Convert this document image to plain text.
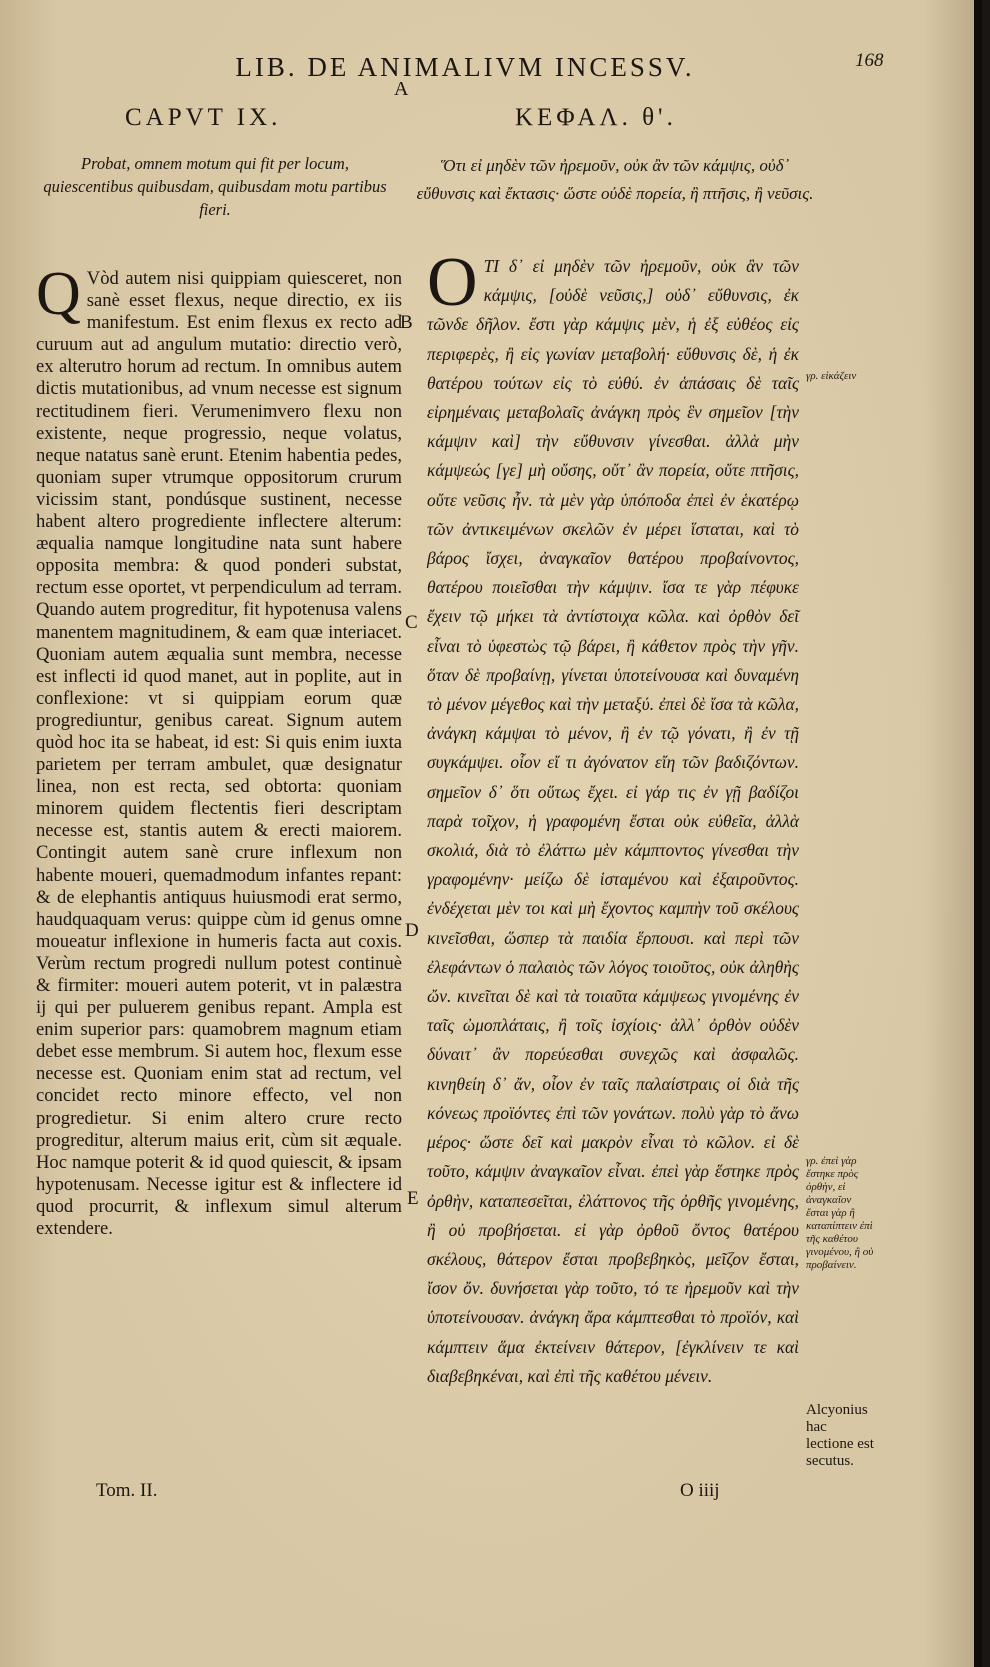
LIB. DE ANIMALIVM INCESSV.	168
A
CAPVT IX.	ΚΕΦΑΛ. θ'.
Probat, omnem motum qui fit per locum, quiescentibus quibusdam, quibusdam motu partibus fieri.
Ὅτι εἰ μηδὲν τῶν ἠρεμοῦν, οὐκ ἂν τῶν κάμψις, οὐδ᾽ εὔθυνσις καὶ ἔκτασις· ὥστε οὐδὲ πορεία, ἢ πτῆσις, ἢ νεῦσις.
Q Vòd autem nisi quippiam quiesceret, non sanè esset flexus, neque directio, ex iis manifestum. Est enim flexus ex recto ad curuum aut ad angulum mutatio: directio verò, ex alterutro horum ad rectum. In omnibus autem dictis mutationibus, ad vnum necesse est signum rectitudinem fieri. Verumenimvero flexu non existente, neque progressio, neque volatus, neque natatus sanè erunt. Etenim habentia pedes, quoniam super vtrumque oppositorum crurum vicissim stant, pondúsque sustinent, necesse habent altero progrediente inflectere alterum: æqualia namque longitudine nata sunt habere opposita membra: & quod ponderi substat, rectum esse oportet, vt perpendiculum ad terram. Quando autem progreditur, fit hypotenusa valens manentem magnitudinem, & eam quæ interiacet. Quoniam autem æqualia sunt membra, necesse est inflecti id quod manet, aut in poplite, aut in conflexione: vt si quippiam eorum quæ progrediuntur, genibus careat. Signum autem quòd hoc ita se habeat, id est: Si quis enim iuxta parietem per terram ambulet, quæ designatur linea, non est recta, sed obtorta: quoniam minorem quidem flectentis fieri descriptam necesse est, stantis autem & erecti maiorem. Contingit autem sanè crure inflexum non habente moueri, quemadmodum infantes repant: & de elephantis antiquus huiusmodi erat sermo, haudquaquam verus: quippe cùm id genus omne moueatur inflexione in humeris facta aut coxis. Verùm rectum progredi nullum potest continuè & firmiter: moueri autem poterit, vt in palæstra ij qui per puluerem genibus repant. Ampla est enim superior pars: quamobrem magnum etiam debet esse membrum. Si autem hoc, flexum esse necesse est. Quoniam enim stat ad rectum, vel concidet recto minore effecto, vel non progredietur. Si enim altero crure recto progreditur, alterum maius erit, cùm sit æquale. Hoc namque poterit & id quod quiescit, & ipsam hypotenusam. Necesse igitur est & inflectere id quod procurrit, & inflexum simul alterum extendere.
Ο ΤΙ δ᾽ εἰ μηδὲν τῶν ἠρεμοῦν, οὐκ ἂν τῶν κάμψις, [οὐδὲ νεῦσις,] οὐδ᾽ εὔθυνσις, ἐκ τῶνδε δῆλον. ἔστι γὰρ κάμψις μὲν, ἡ ἐξ εὐθέος εἰς περιφερὲς, ἢ εἰς γωνίαν μεταβολή· εὔθυνσις δὲ, ἡ ἐκ θατέρου τούτων εἰς τὸ εὐθύ. ἐν ἁπάσαις δὲ ταῖς εἰρημέναις μεταβολαῖς ἀνάγκη πρὸς ἓν σημεῖον [τὴν κάμψιν καὶ] τὴν εὔθυνσιν γίνεσθαι. ἀλλὰ μὴν κάμψεώς [γε] μὴ οὔσης, οὔτ᾽ ἂν πορεία, οὔτε πτῆσις, οὔτε νεῦσις ἦν. τὰ μὲν γὰρ ὑπόποδα ἐπεὶ ἐν ἑκατέρῳ τῶν ἀντικειμένων σκελῶν ἐν μέρει ἵσταται, καὶ τὸ βάρος ἴσχει, ἀναγκαῖον θατέρου προβαίνοντος, θατέρου ποιεῖσθαι τὴν κάμψιν. ἴσα τε γὰρ πέφυκε ἔχειν τῷ μήκει τὰ ἀντίστοιχα κῶλα. καὶ ὀρθὸν δεῖ εἶναι τὸ ὑφεστὼς τῷ βάρει, ἢ κάθετον πρὸς τὴν γῆν. ὅταν δὲ προβαίνῃ, γίνεται ὑποτείνουσα καὶ δυναμένη τὸ μένον μέγεθος καὶ τὴν μεταξύ. ἐπεὶ δὲ ἴσα τὰ κῶλα, ἀνάγκη κάμψαι τὸ μένον, ἢ ἐν τῷ γόνατι, ἢ ἐν τῇ συγκάμψει. οἷον εἴ τι ἀγόνατον εἴη τῶν βαδιζόντων. σημεῖον δ᾽ ὅτι οὕτως ἔχει. εἰ γάρ τις ἐν γῇ βαδίζοι παρὰ τοῖχον, ἡ γραφομένη ἔσται οὐκ εὐθεῖα, ἀλλὰ σκολιά, διὰ τὸ ἐλάττω μὲν κάμπτοντος γίνεσθαι τὴν γραφομένην· μείζω δὲ ἱσταμένου καὶ ἐξαιροῦντος. ἐνδέχεται μὲν τοι καὶ μὴ ἔχοντος καμπὴν τοῦ σκέλους κινεῖσθαι, ὥσπερ τὰ παιδία ἕρπουσι. καὶ περὶ τῶν ἐλεφάντων ὁ παλαιὸς τῶν λόγος τοιοῦτος, οὐκ ἀληθὴς ὤν. κινεῖται δὲ καὶ τὰ τοιαῦτα κάμψεως γινομένης ἐν ταῖς ὠμοπλάταις, ἢ τοῖς ἰσχίοις· ἀλλ᾽ ὀρθὸν οὐδὲν δύναιτ᾽ ἂν πορεύεσθαι συνεχῶς καὶ ἀσφαλῶς. κινηθείη δ᾽ ἄν, οἷον ἐν ταῖς παλαίστραις οἱ διὰ τῆς κόνεως προϊόντες ἐπὶ τῶν γονάτων. πολὺ γὰρ τὸ ἄνω μέρος· ὥστε δεῖ καὶ μακρὸν εἶναι τὸ κῶλον. εἰ δὲ τοῦτο, κάμψιν ἀναγκαῖον εἶναι. ἐπεὶ γὰρ ἕστηκε πρὸς ὀρθὴν, καταπεσεῖται, ἐλάττονος τῆς ὀρθῆς γινομένης, ἢ οὐ προβήσεται. εἰ γὰρ ὀρθοῦ ὄντος θατέρου σκέλους, θάτερον ἔσται προβεβηκὸς, μεῖζον ἔσται, ἴσον ὄν. δυνήσεται γὰρ τοῦτο, τό τε ἠρεμοῦν καὶ τὴν ὑποτείνουσαν. ἀνάγκη ἄρα κάμπτεσθαι τὸ προϊόν, καὶ κάμπτειν ἅμα ἐκτείνειν θάτερον, [ἐγκλίνειν τε καὶ διαβεβηκέναι, καὶ ἐπὶ τῆς καθέτου μένειν.
B
C
D
E
γρ. εἰκάζειν
γρ. ἐπεὶ γὰρ ἕστηκε πρὸς ὀρθὴν, εἰ ἀναγκαῖον ἔσται γὰρ ἢ καταπίπτειν ἐπὶ τῆς καθέτου γινομένου, ἢ οὐ προβαίνειν.
Alcyonius hac lectione est secutus.
Tom. II.	O iiij
